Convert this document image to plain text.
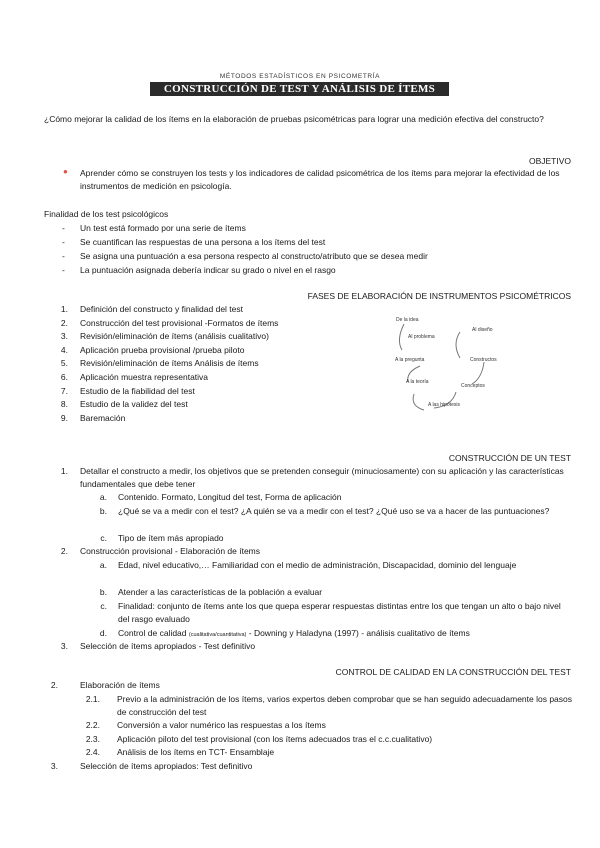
MÉTODOS ESTADÍSTICOS EN PSICOMETRÍA
CONSTRUCCIÓN DE TEST Y ANÁLISIS DE ÍTEMS
¿Cómo mejorar la calidad de los ítems en la elaboración de pruebas psicométricas para lograr una medición efectiva del constructo?
OBJETIVO
● Aprender cómo se construyen los tests y los indicadores de calidad psicométrica de los ítems para mejorar la efectividad de los instrumentos de medición en psicología.
Finalidad de los test psicológicos
- Un test está formado por una serie de ítems
- Se cuantifican las respuestas de una persona a los ítems del test
- Se asigna una puntuación a esa persona respecto al constructo/atributo que se desea medir
- La puntuación asignada debería indicar su grado o nivel en el rasgo
FASES DE ELABORACIÓN DE INSTRUMENTOS PSICOMÉTRICOS
1. Definición del constructo y finalidad del test
2. Construcción del test provisional -Formatos de ítems
3. Revisión/eliminación de ítems (análisis cualitativo)
4. Aplicación prueba provisional /prueba piloto
5. Revisión/eliminación de ítems Análisis de ítems
6. Aplicación muestra representativa
7. Estudio de la fiabilidad del test
8. Estudio de la validez del test
9. Baremación
De la idea
Al problema
Al diseño
Constructos
A la pregunta
A la teoría
Conceptos
A las hipótesis
CONSTRUCCIÓN DE UN TEST
1. Detallar el constructo a medir, los objetivos que se pretenden conseguir (minuciosamente) con su aplicación y las características fundamentales que debe tener
a. Contenido. Formato, Longitud del test, Forma de aplicación
b. ¿Qué se va a medir con el test? ¿A quién se va a medir con el test? ¿Qué uso se va a hacer de las puntuaciones?
c. Tipo de ítem más apropiado
2. Construcción provisional - Elaboración de ítems
a. Edad, nivel educativo,… Familiaridad con el medio de administración, Discapacidad, dominio del lenguaje
b. Atender a las características de la población a evaluar
c. Finalidad: conjunto de ítems ante los que quepa esperar respuestas distintas entre los que tengan un alto o bajo nivel del rasgo evaluado
d. Control de calidad (cualitativa/cuantitativa) - Downing y Haladyna (1997) - análisis cualitativo de ítems
3. Selección de ítems apropiados - Test definitivo
CONTROL DE CALIDAD EN LA CONSTRUCCIÓN DEL TEST
2.	Elaboración de ítems
2.1. Previo a la administración de los ítems, varios expertos deben comprobar que se han seguido adecuadamente los pasos de construcción del test
2.2. Conversión a valor numérico las respuestas a los ítems
2.3. Aplicación piloto del test provisional (con los ítems adecuados tras el c.c.cualitativo)
2.4. Análisis de los ítems en TCT- Ensamblaje
3.	Selección de ítems apropiados: Test definitivo
